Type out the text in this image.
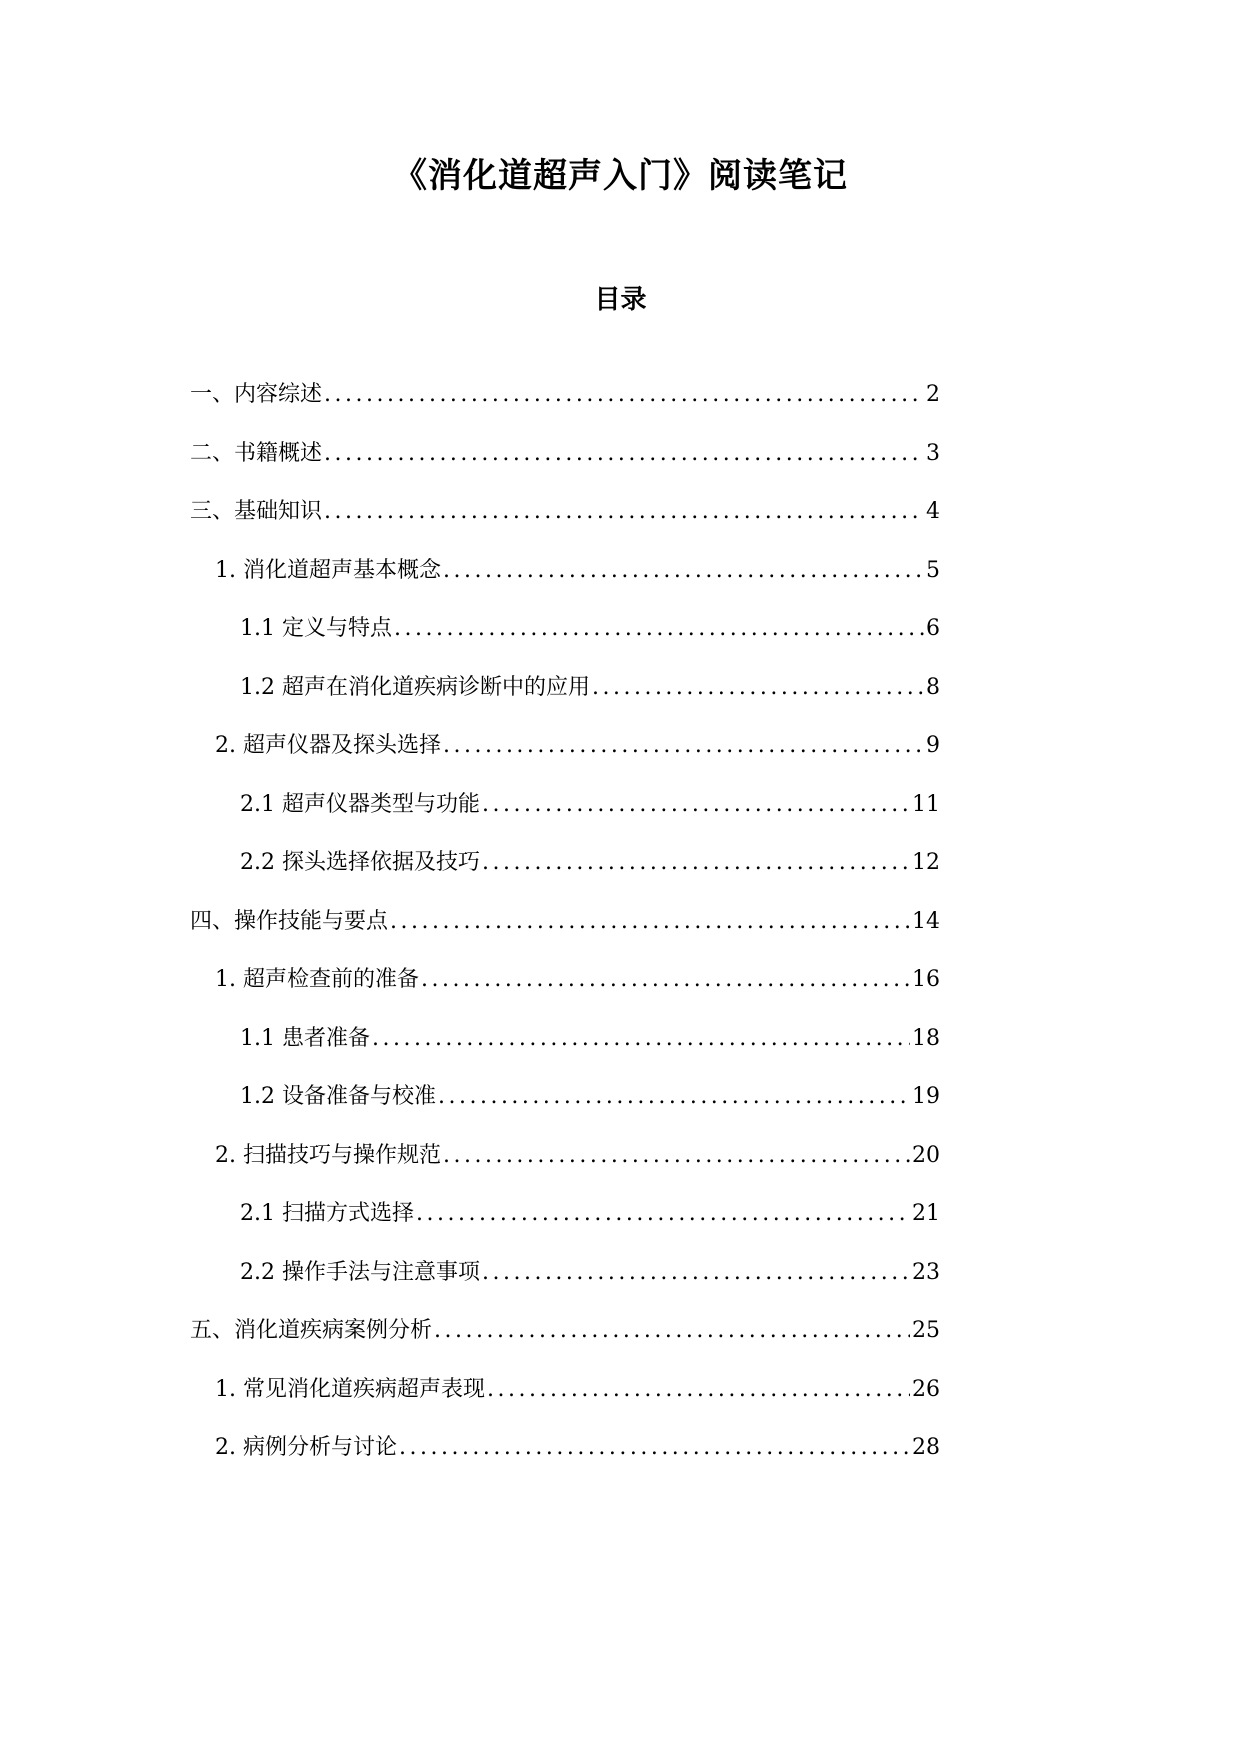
《消化道超声入门》阅读笔记
目录
一、内容综述 .....	2
二、书籍概述 .....	3
三、基础知识 .....	4
1. 消化道超声基本概念 .....	5
1.1 定义与特点 .....	6
1.2 超声在消化道疾病诊断中的应用 .....	8
2. 超声仪器及探头选择 .....	9
2.1 超声仪器类型与功能 .....	11
2.2 探头选择依据及技巧 .....	12
四、操作技能与要点 .....	14
1. 超声检查前的准备 .....	16
1.1 患者准备 .....	18
1.2 设备准备与校准 .....	19
2. 扫描技巧与操作规范 .....	20
2.1 扫描方式选择 .....	21
2.2 操作手法与注意事项 .....	23
五、消化道疾病案例分析 .....	25
1. 常见消化道疾病超声表现 .....	26
2. 病例分析与讨论 .....	28
